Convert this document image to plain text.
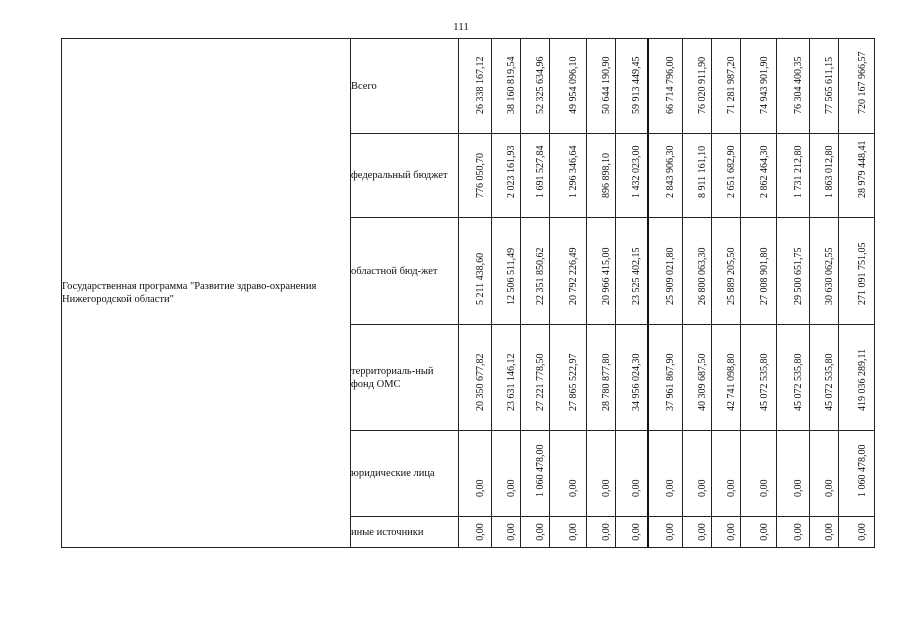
111
Государственная программа "Развитие здраво-охранения Нижегородской области"	Всего	26 338 167,12	38 160 819,54	52 325 634,96	49 954 096,10	50 644 190,90	59 913 449,45	66 714 796,00	76 020 911,90	71 281 987,20	74 943 901,90	76 304 400,35	77 565 611,15	720 167 966,57

	федеральный бюджет	776 050,70	2 023 161,93	1 691 527,84	1 296 346,64	896 898,10	1 432 023,00	2 843 906,30	8 911 161,10	2 651 682,90	2 862 464,30	1 731 212,80	1 863 012,80	28 979 448,41

	областной бюд-жет	5 211 438,60	12 506 511,49	22 351 850,62	20 792 226,49	20 966 415,00	23 525 402,15	25 909 021,80	26 800 063,30	25 889 205,50	27 008 901,80	29 500 651,75	30 630 062,55	271 091 751,05

	территориаль-ный фонд ОМС	20 350 677,82	23 631 146,12	27 221 778,50	27 865 522,97	28 780 877,80	34 956 024,30	37 961 867,90	40 309 687,50	42 741 098,80	45 072 535,80	45 072 535,80	45 072 535,80	419 036 289,11

	юридические лица	0,00	0,00	1 060 478,00	0,00	0,00	0,00	0,00	0,00	0,00	0,00	0,00	0,00	1 060 478,00

	иные источники	0,00	0,00	0,00	0,00	0,00	0,00	0,00	0,00	0,00	0,00	0,00	0,00	0,00
